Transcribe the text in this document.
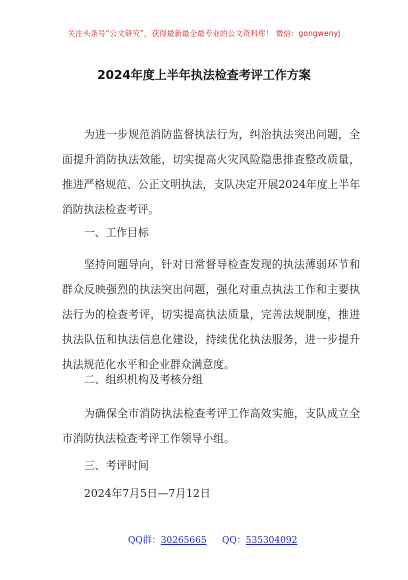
关注头条号“公文研究”，获得最新最全最专业的公文资料库！ 微信：gongwenyj
2024年度上半年执法检查考评工作方案
为进一步规范消防监督执法行为，纠治执法突出问题，全面提升消防执法效能，切实提高火灾风险隐患排查整改质量，推进严格规范、公正文明执法，支队决定开展2024年度上半年消防执法检查考评。
一、工作目标
坚持问题导向，针对日常督导检查发现的执法薄弱环节和群众反映强烈的执法突出问题，强化对重点执法工作和主要执法行为的检查考评，切实提高执法质量，完善法规制度，推进执法队伍和执法信息化建设，持续优化执法服务，进一步提升执法规范化水平和企业群众满意度。
二、组织机构及考核分组
为确保全市消防执法检查考评工作高效实施，支队成立全市消防执法检查考评工作领导小组。
三、考评时间
2024年7月5日—7月12日
QQ群：30265665 QQ：535304092
